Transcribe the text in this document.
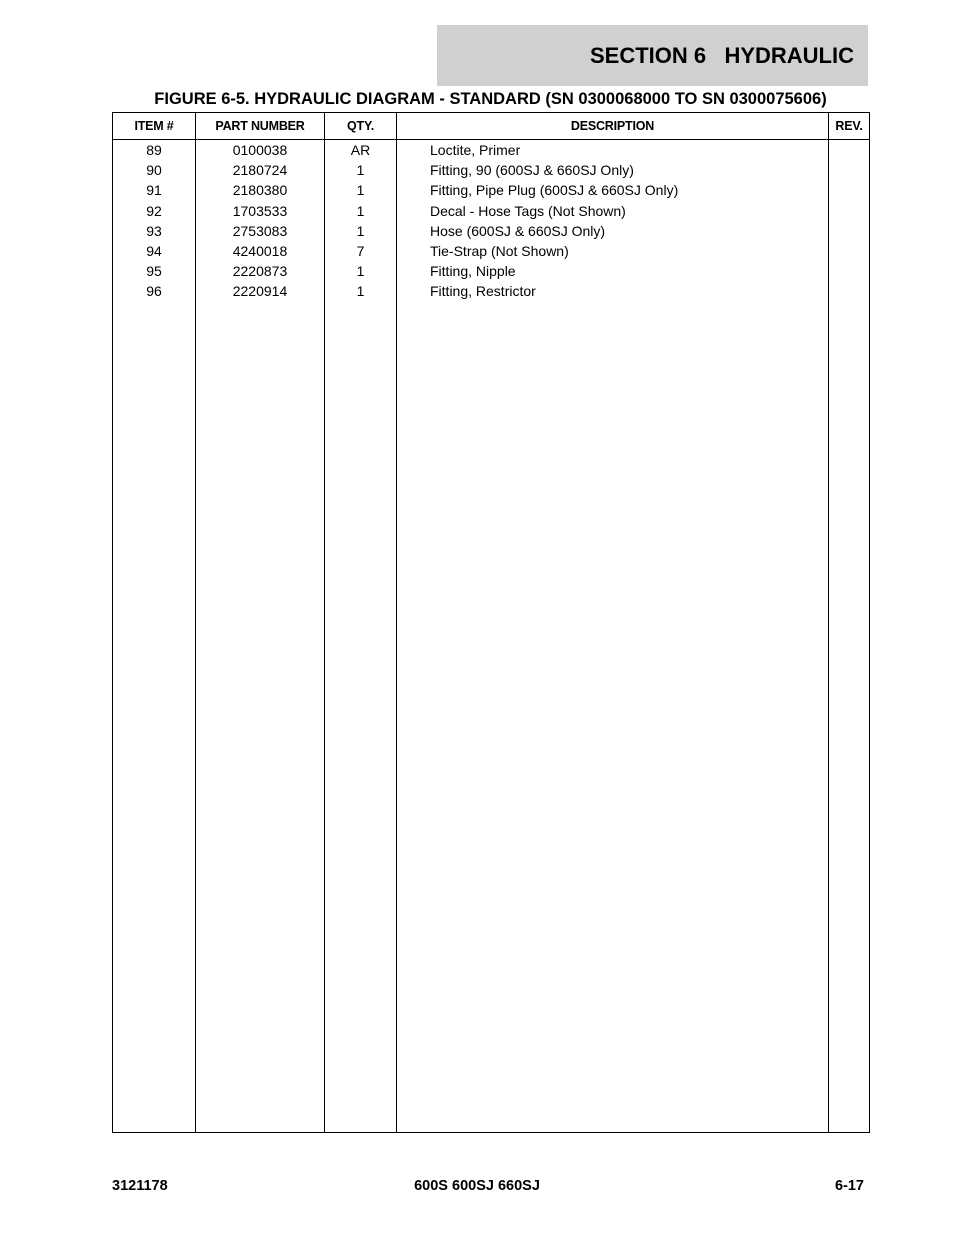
SECTION 6   HYDRAULIC
FIGURE 6-5. HYDRAULIC DIAGRAM - STANDARD (SN 0300068000 TO SN 0300075606)
ITEM #	PART NUMBER	QTY.	DESCRIPTION	REV.
89	0100038	AR	Loctite, Primer
90	2180724	1	Fitting, 90 (600SJ & 660SJ Only)
91	2180380	1	Fitting, Pipe Plug (600SJ & 660SJ Only)
92	1703533	1	Decal - Hose Tags (Not Shown)
93	2753083	1	Hose (600SJ & 660SJ Only)
94	4240018	7	Tie-Strap (Not Shown)
95	2220873	1	Fitting, Nipple
96	2220914	1	Fitting, Restrictor
3121178	600S 600SJ 660SJ	6-17
